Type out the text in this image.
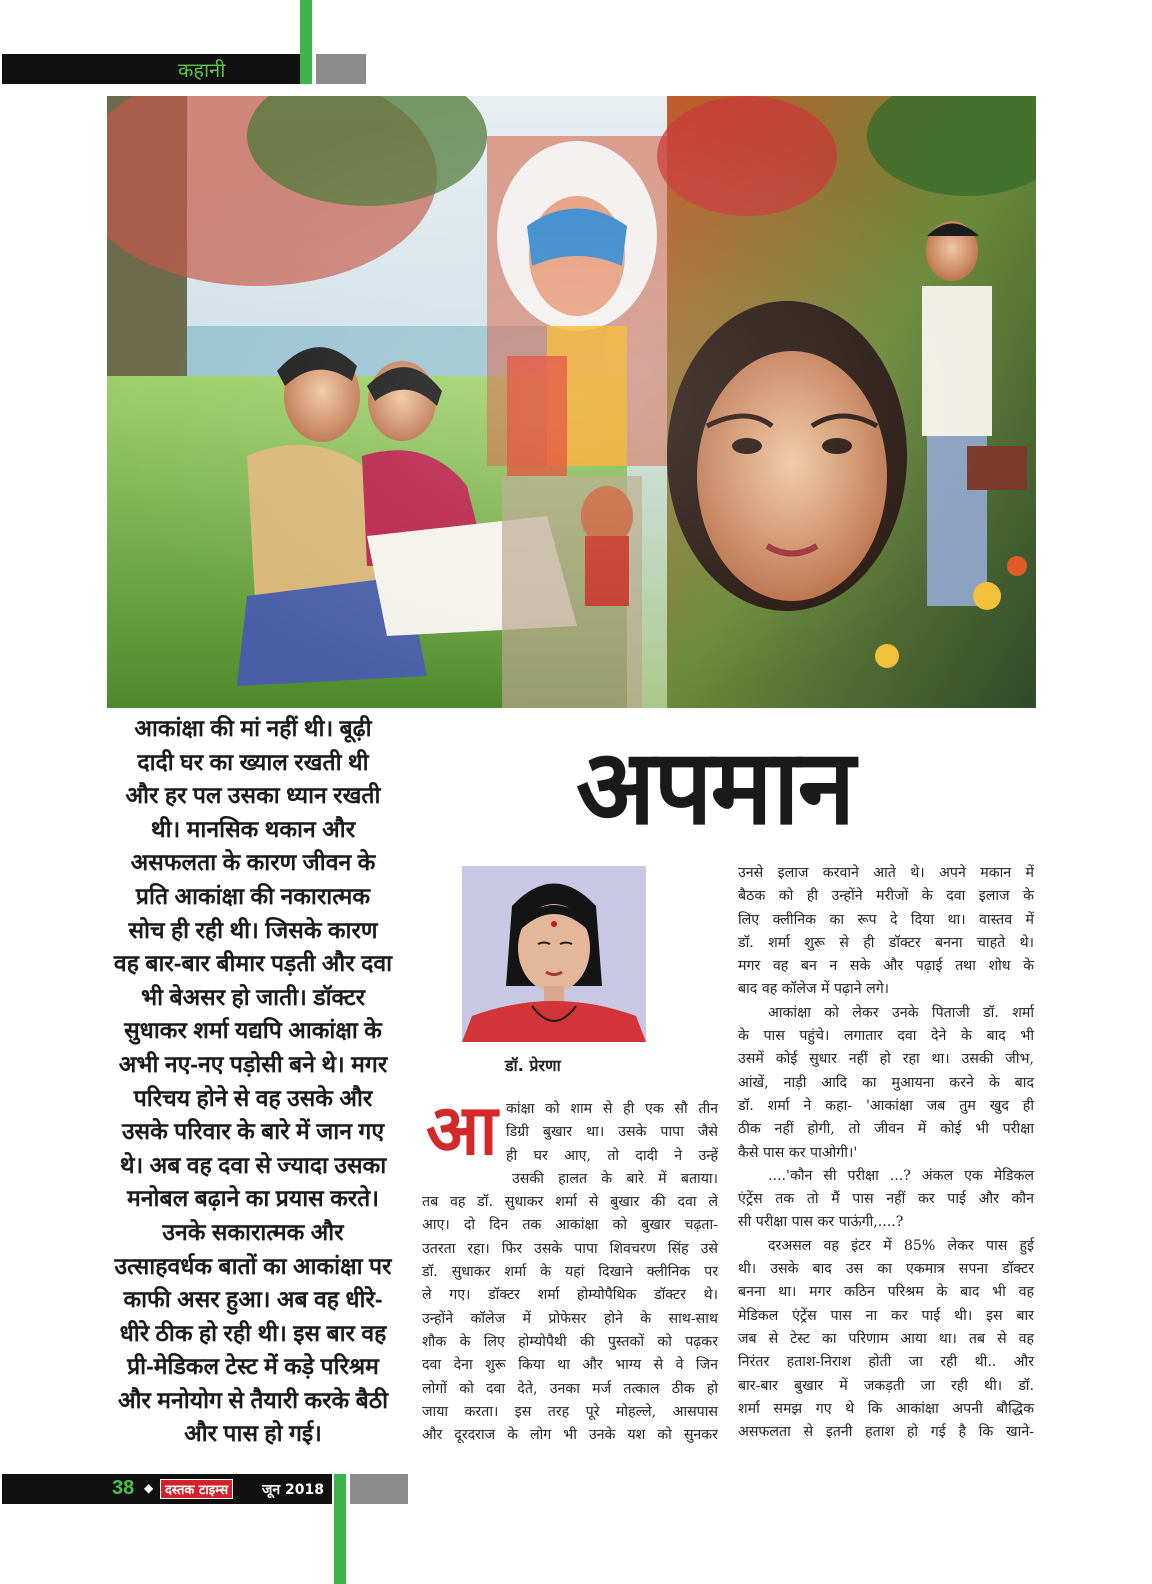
कहानी
आकांक्षा की मां नहीं थी। बूढ़ी
दादी घर का ख्याल रखती थी
और हर पल उसका ध्यान रखती
थी। मानसिक थकान और
असफलता के कारण जीवन के
प्रति आकांक्षा की नकारात्मक
सोच ही रही थी। जिसके कारण
वह बार-बार बीमार पड़ती और दवा
भी बेअसर हो जाती। डॉक्टर
सुधाकर शर्मा यद्यपि आकांक्षा के
अभी नए-नए पड़ोसी बने थे। मगर
परिचय होने से वह उसके और
उसके परिवार के बारे में जान गए
थे। अब वह दवा से ज्यादा उसका
मनोबल बढ़ाने का प्रयास करते।
उनके सकारात्मक और
उत्साहवर्धक बातों का आकांक्षा पर
काफी असर हुआ। अब वह धीरे-
धीरे ठीक हो रही थी। इस बार वह
प्री-मेडिकल टेस्ट में कड़े परिश्रम
और मनोयोग से तैयारी करके बैठी
और पास हो गई।
अपमान
डॉ. प्रेरणा
आ कांक्षा को शाम से ही एक सौ तीन
डिग्री बुखार था। उसके पापा जैसे
ही घर आए, तो दादी ने उन्हें
उसकी हालत के बारे में बताया।
तब वह डॉ. सुधाकर शर्मा से बुखार की दवा ले
आए। दो दिन तक आकांक्षा को बुखार चढ़ता-
उतरता रहा। फिर उसके पापा शिवचरण सिंह उसे
डॉ. सुधाकर शर्मा के यहां दिखाने क्लीनिक पर
ले गए। डॉक्टर शर्मा होम्योपैथिक डॉक्टर थे।
उन्होंने कॉलेज में प्रोफेसर होने के साथ-साथ
शौक के लिए होम्योपैथी की पुस्तकों को पढ़कर
दवा देना शुरू किया था और भाग्य से वे जिन
लोगों को दवा देते, उनका मर्ज तत्काल ठीक हो
जाया करता। इस तरह पूरे मोहल्ले, आसपास
और दूरदराज के लोग भी उनके यश को सुनकर
उनसे इलाज करवाने आते थे। अपने मकान में
बैठक को ही उन्होंने मरीजों के दवा इलाज के
लिए क्लीनिक का रूप दे दिया था। वास्तव में
डॉ. शर्मा शुरू से ही डॉक्टर बनना चाहते थे।
मगर वह बन न सके और पढ़ाई तथा शोध के
बाद वह कॉलेज में पढ़ाने लगे।
आकांक्षा को लेकर उनके पिताजी डॉ. शर्मा
के पास पहुंचे। लगातार दवा देने के बाद भी
उसमें कोई सुधार नहीं हो रहा था। उसकी जीभ,
आंखें, नाड़ी आदि का मुआयना करने के बाद
डॉ. शर्मा ने कहा- 'आकांक्षा जब तुम खुद ही
ठीक नहीं होगी, तो जीवन में कोई भी परीक्षा
कैसे पास कर पाओगी।'
....'कौन सी परीक्षा ...? अंकल एक मेडिकल
एंट्रेंस तक तो मैं पास नहीं कर पाई और कौन
सी परीक्षा पास कर पाऊंगी,....?
दरअसल वह इंटर में 85% लेकर पास हुई
थी। उसके बाद उस का एकमात्र सपना डॉक्टर
बनना था। मगर कठिन परिश्रम के बाद भी वह
मेडिकल एंट्रेंस पास ना कर पाई थी। इस बार
जब से टेस्ट का परिणाम आया था। तब से वह
निरंतर हताश-निराश होती जा रही थी.. और
बार-बार बुखार में जकड़ती जा रही थी। डॉ.
शर्मा समझ गए थे कि आकांक्षा अपनी बौद्धिक
असफलता से इतनी हताश हो गई है कि खाने-
38 ◆ दस्तक टाइम्स	जून 2018
